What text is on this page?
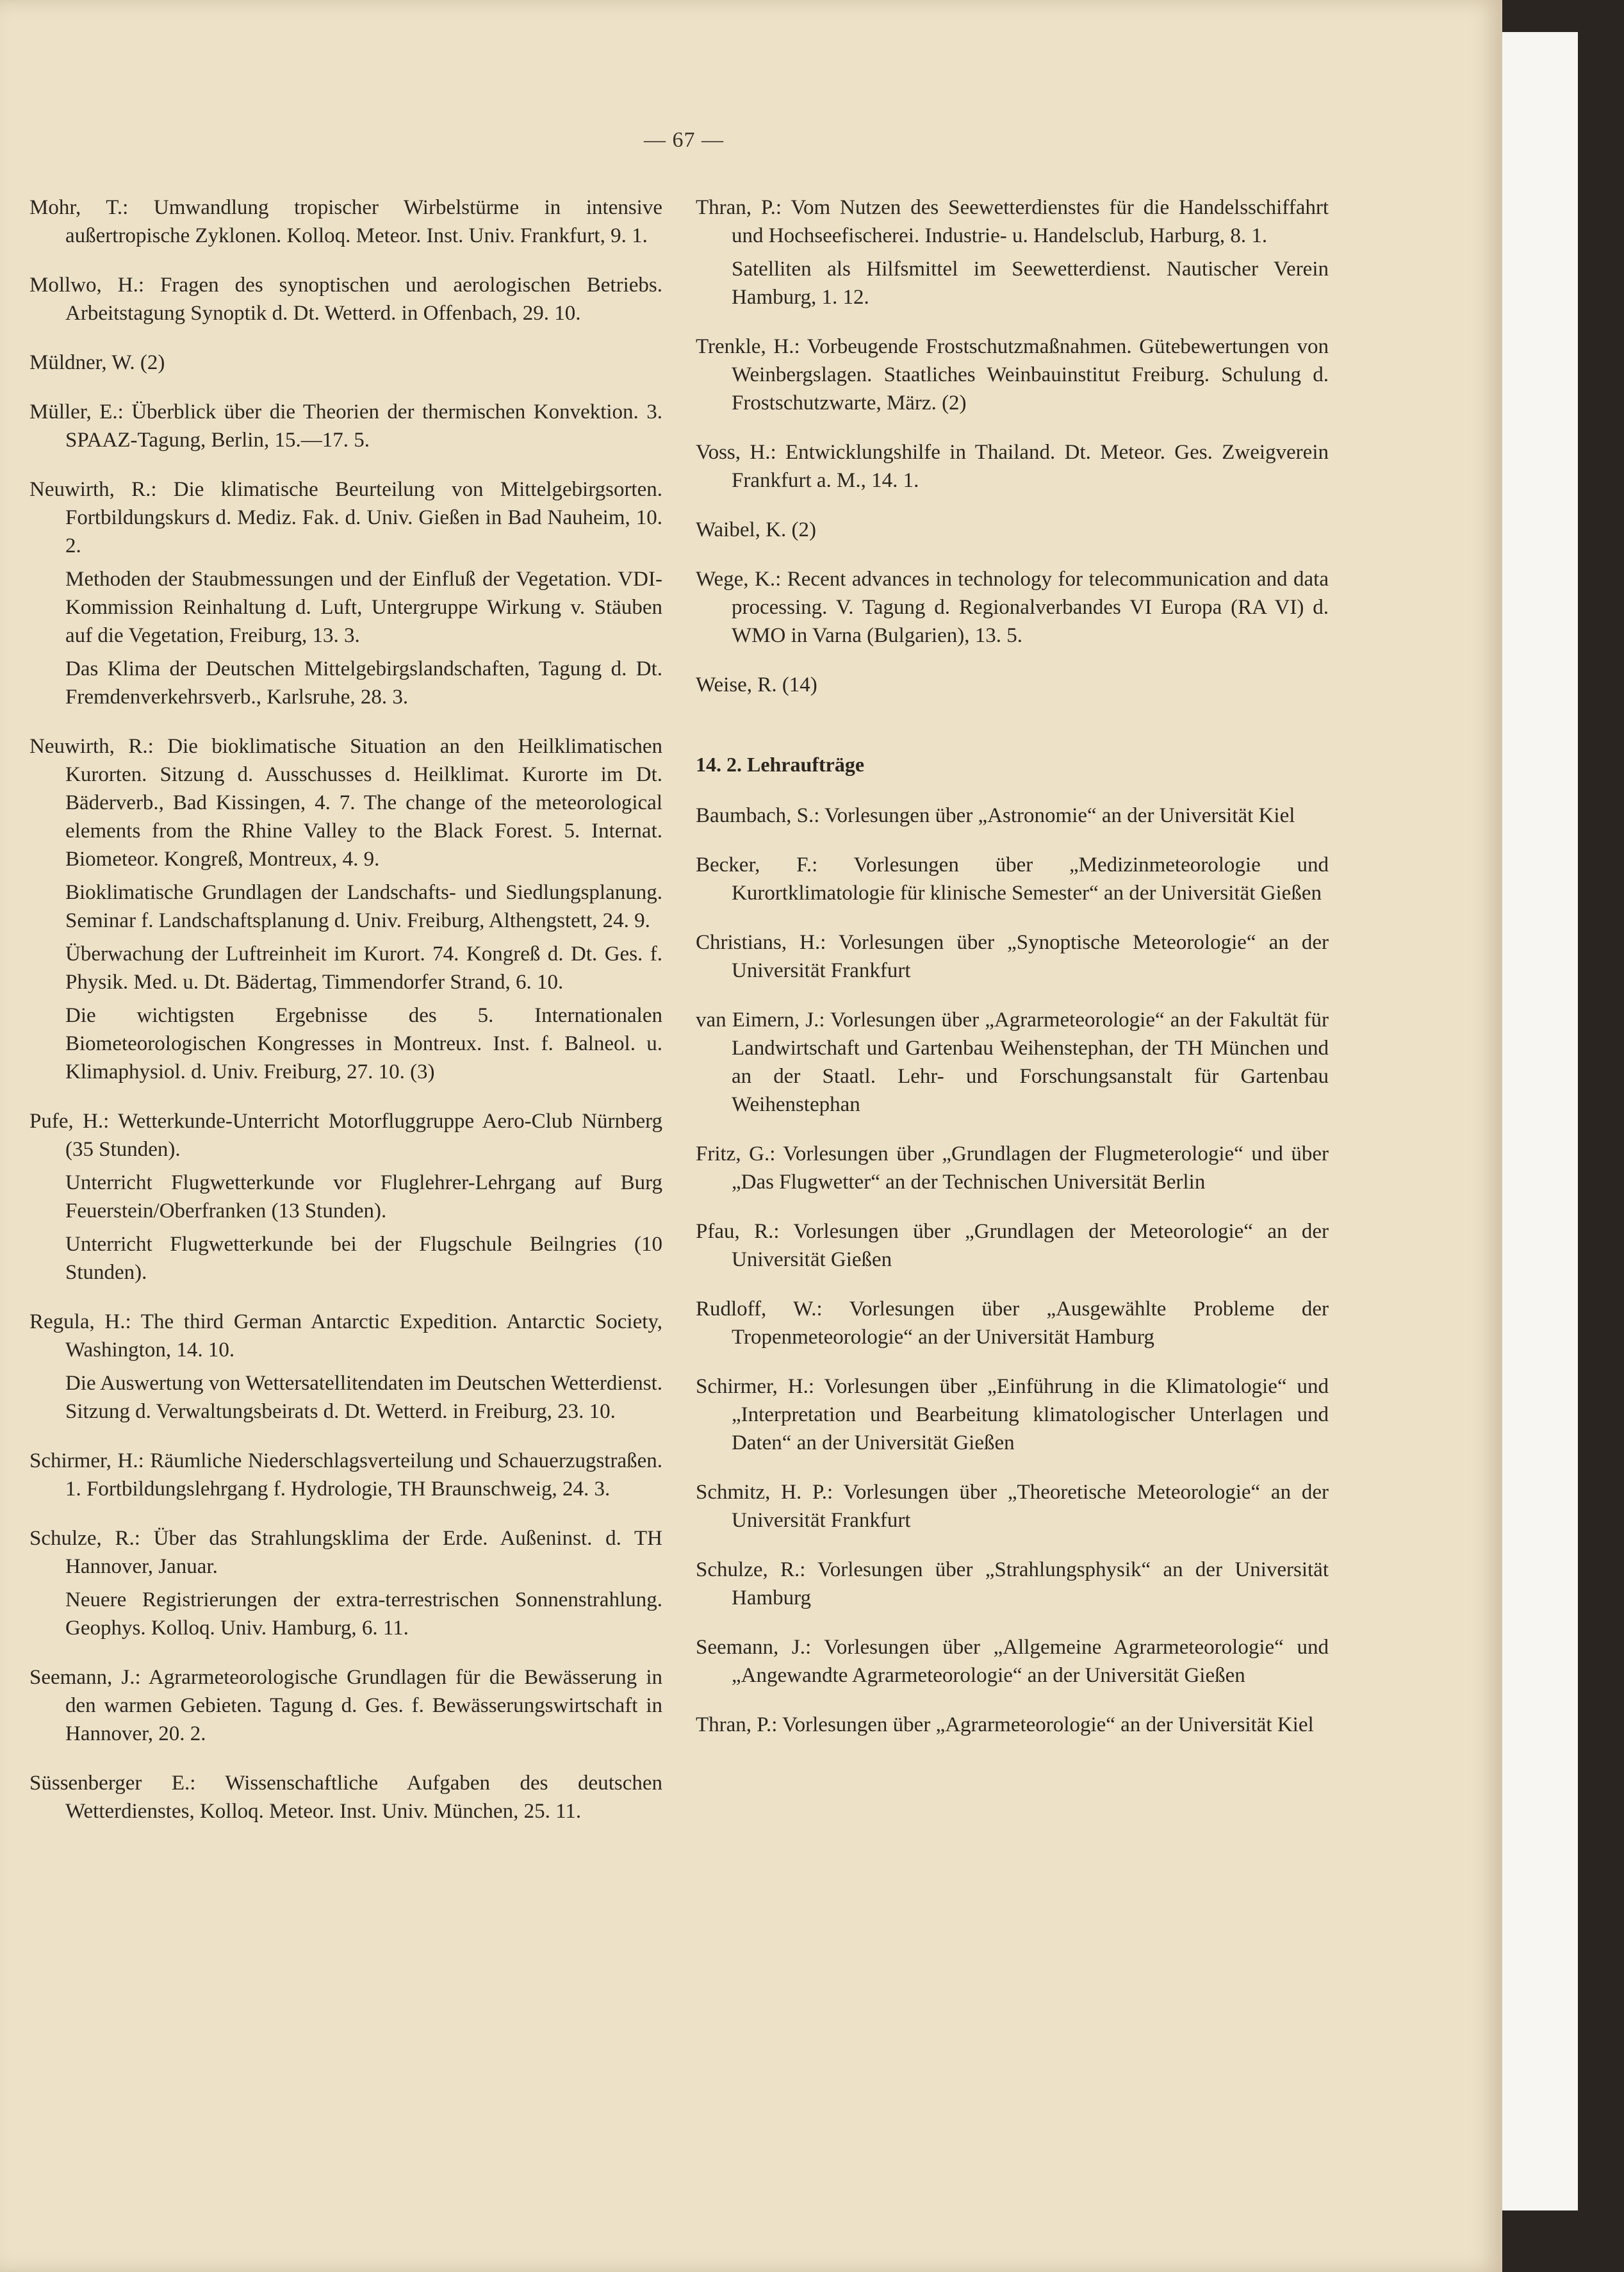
— 67 —

Mohr, T.: Umwandlung tropischer Wirbelstürme in intensive außertropische Zyklonen. Kolloq. Meteor. Inst. Univ. Frankfurt, 9. 1.

Mollwo, H.: Fragen des synoptischen und aerologischen Betriebs. Arbeitstagung Synoptik d. Dt. Wetterd. in Offenbach, 29. 10.

Müldner, W. (2)

Müller, E.: Überblick über die Theorien der thermischen Konvektion. 3. SPAAZ-Tagung, Berlin, 15.—17. 5.

Neuwirth, R.: Die klimatische Beurteilung von Mittelgebirgsorten. Fortbildungskurs d. Mediz. Fak. d. Univ. Gießen in Bad Nauheim, 10. 2.

Methoden der Staubmessungen und der Einfluß der Vegetation. VDI-Kommission Reinhaltung d. Luft, Untergruppe Wirkung v. Stäuben auf die Vegetation, Freiburg, 13. 3.

Das Klima der Deutschen Mittelgebirgslandschaften, Tagung d. Dt. Fremdenverkehrsverb., Karlsruhe, 28. 3.

Neuwirth, R.: Die bioklimatische Situation an den Heilklimatischen Kurorten. Sitzung d. Ausschusses d. Heilklimat. Kurorte im Dt. Bäderverb., Bad Kissingen, 4. 7. The change of the meteorological elements from the Rhine Valley to the Black Forest. 5. Internat. Biometeor. Kongreß, Montreux, 4. 9.

Bioklimatische Grundlagen der Landschafts- und Siedlungsplanung. Seminar f. Landschaftsplanung d. Univ. Freiburg, Althengstett, 24. 9.

Überwachung der Luftreinheit im Kurort. 74. Kongreß d. Dt. Ges. f. Physik. Med. u. Dt. Bädertag, Timmendorfer Strand, 6. 10.

Die wichtigsten Ergebnisse des 5. Internationalen Biometeorologischen Kongresses in Montreux. Inst. f. Balneol. u. Klimaphysiol. d. Univ. Freiburg, 27. 10. (3)

Pufe, H.: Wetterkunde-Unterricht Motorfluggruppe Aero-Club Nürnberg (35 Stunden).

Unterricht Flugwetterkunde vor Fluglehrer-Lehrgang auf Burg Feuerstein/Oberfranken (13 Stunden).

Unterricht Flugwetterkunde bei der Flugschule Beilngries (10 Stunden).

Regula, H.: The third German Antarctic Expedition. Antarctic Society, Washington, 14. 10.

Die Auswertung von Wettersatellitendaten im Deutschen Wetterdienst. Sitzung d. Verwaltungsbeirats d. Dt. Wetterd. in Freiburg, 23. 10.

Schirmer, H.: Räumliche Niederschlagsverteilung und Schauerzugstraßen. 1. Fortbildungslehrgang f. Hydrologie, TH Braunschweig, 24. 3.

Schulze, R.: Über das Strahlungsklima der Erde. Außeninst. d. TH Hannover, Januar.

Neuere Registrierungen der extra-terrestrischen Sonnenstrahlung. Geophys. Kolloq. Univ. Hamburg, 6. 11.

Seemann, J.: Agrarmeteorologische Grundlagen für die Bewässerung in den warmen Gebieten. Tagung d. Ges. f. Bewässerungswirtschaft in Hannover, 20. 2.

Süssenberger E.: Wissenschaftliche Aufgaben des deutschen Wetterdienstes, Kolloq. Meteor. Inst. Univ. München, 25. 11.

Thran, P.: Vom Nutzen des Seewetterdienstes für die Handelsschiffahrt und Hochseefischerei. Industrie- u. Handelsclub, Harburg, 8. 1.

Satelliten als Hilfsmittel im Seewetterdienst. Nautischer Verein Hamburg, 1. 12.

Trenkle, H.: Vorbeugende Frostschutzmaßnahmen. Gütebewertungen von Weinbergslagen. Staatliches Weinbauinstitut Freiburg. Schulung d. Frostschutzwarte, März. (2)

Voss, H.: Entwicklungshilfe in Thailand. Dt. Meteor. Ges. Zweigverein Frankfurt a. M., 14. 1.

Waibel, K. (2)

Wege, K.: Recent advances in technology for telecommunication and data processing. V. Tagung d. Regionalverbandes VI Europa (RA VI) d. WMO in Varna (Bulgarien), 13. 5.

Weise, R. (14)

14. 2. Lehraufträge

Baumbach, S.: Vorlesungen über „Astronomie“ an der Universität Kiel

Becker, F.: Vorlesungen über „Medizinmeteorologie und Kurortklimatologie für klinische Semester“ an der Universität Gießen

Christians, H.: Vorlesungen über „Synoptische Meteorologie“ an der Universität Frankfurt

van Eimern, J.: Vorlesungen über „Agrarmeteorologie“ an der Fakultät für Landwirtschaft und Gartenbau Weihenstephan, der TH München und an der Staatl. Lehr- und Forschungsanstalt für Gartenbau Weihenstephan

Fritz, G.: Vorlesungen über „Grundlagen der Flugmeterologie“ und über „Das Flugwetter“ an der Technischen Universität Berlin

Pfau, R.: Vorlesungen über „Grundlagen der Meteorologie“ an der Universität Gießen

Rudloff, W.: Vorlesungen über „Ausgewählte Probleme der Tropenmeteorologie“ an der Universität Hamburg

Schirmer, H.: Vorlesungen über „Einführung in die Klimatologie“ und „Interpretation und Bearbeitung klimatologischer Unterlagen und Daten“ an der Universität Gießen

Schmitz, H. P.: Vorlesungen über „Theoretische Meteorologie“ an der Universität Frankfurt

Schulze, R.: Vorlesungen über „Strahlungsphysik“ an der Universität Hamburg

Seemann, J.: Vorlesungen über „Allgemeine Agrarmeteorologie“ und „Angewandte Agrarmeteorologie“ an der Universität Gießen

Thran, P.: Vorlesungen über „Agrarmeteorologie“ an der Universität Kiel
